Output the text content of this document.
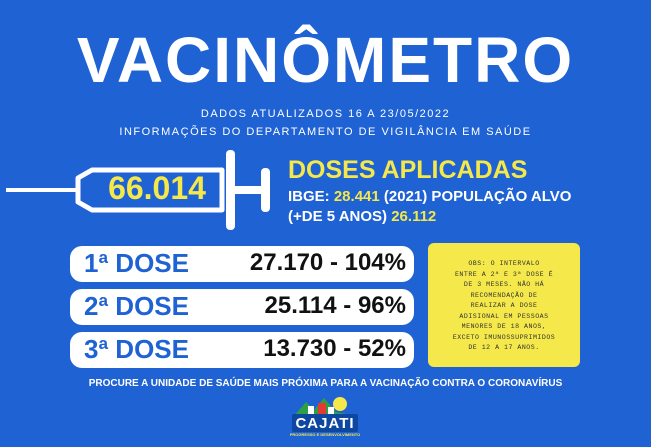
VACINÔMETRO
DADOS ATUALIZADOS 16 A 23/05/2022
INFORMAÇÕES DO DEPARTAMENTO DE VIGILÂNCIA EM SAÚDE
66.014	DOSES APLICADAS
IBGE: 28.441 (2021) POPULAÇÃO ALVO
(+DE 5 ANOS) 26.112
1ª DOSE	27.170 - 104%
2ª DOSE	25.114 - 96%
3ª DOSE	13.730 - 52%
OBS: O INTERVALO
ENTRE A 2ª E 3ª DOSE É
DE 3 MESES. NÃO HÁ
RECOMENDAÇÃO DE
REALIZAR A DOSE
ADISIONAL EM PESSOAS
MENORES DE 18 ANOS,
EXCETO IMUNOSSUPRIMIDOS
DE 12 A 17 ANOS.
PROCURE A UNIDADE DE SAÚDE MAIS PRÓXIMA PARA A VACINAÇÃO CONTRA O CORONAVÍRUS
CAJATI
PROGRESSO E DESENVOLVIMENTO
